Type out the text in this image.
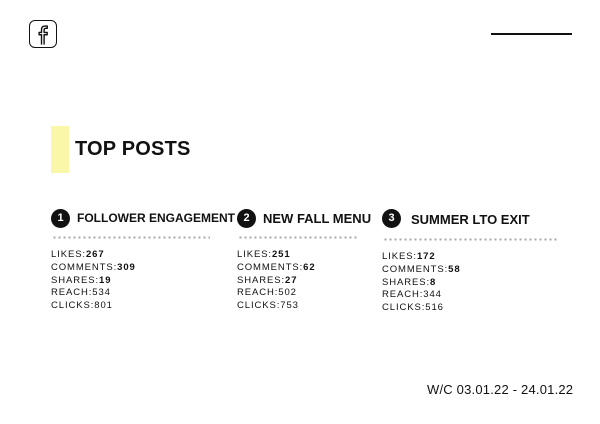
TOP POSTS
1	FOLLOWER ENGAGEMENT
LIKES:267
COMMENTS:309
SHARES:19
REACH:534
CLICKS:801
2	NEW FALL MENU
LIKES:251
COMMENTS:62
SHARES:27
REACH:502
CLICKS:753
3	SUMMER LTO EXIT
LIKES:172
COMMENTS:58
SHARES:8
REACH:344
CLICKS:516
W/C 03.01.22 - 24.01.22
